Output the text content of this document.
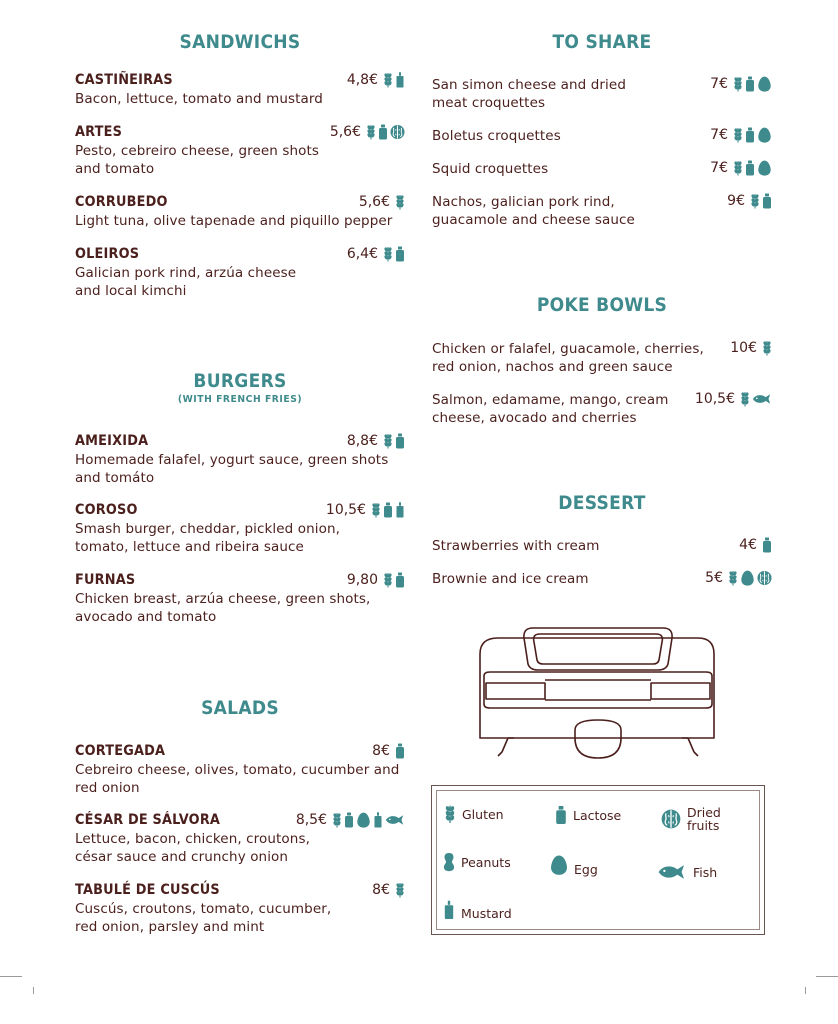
SANDWICHS
CASTIÑEIRAS	4,8€
Bacon, lettuce, tomato and mustard
ARTES	5,6€
Pesto, cebreiro cheese, green shots and tomato
CORRUBEDO	5,6€
Light tuna, olive tapenade and piquillo pepper
OLEIROS	6,4€
Galician pork rind, arzúa cheese and local kimchi
BURGERS
(WITH FRENCH FRIES)
AMEIXIDA	8,8€
Homemade falafel, yogurt sauce, green shots and tomáto
COROSO	10,5€
Smash burger, cheddar, pickled onion, tomato, lettuce and ribeira sauce
FURNAS	9,80
Chicken breast, arzúa cheese, green shots, avocado and tomato
SALADS
CORTEGADA	8€
Cebreiro cheese, olives, tomato, cucumber and red onion
CÉSAR DE SÁLVORA	8,5€
Lettuce, bacon, chicken, croutons, césar sauce and crunchy onion
TABULÉ DE CUSCÚS	8€
Cuscús, croutons, tomato, cucumber, red onion, parsley and mint
TO SHARE
San simon cheese and dried meat croquettes
7€
Boletus croquettes	7€
Squid croquettes	7€
Nachos, galician pork rind, guacamole and cheese sauce
9€
POKE BOWLS
Chicken or falafel, guacamole, cherries, red onion, nachos and green sauce
10€
Salmon, edamame, mango, cream cheese, avocado and cherries
10,5€
DESSERT
Strawberries with cream	4€
Brownie and ice cream	5€
Gluten	Lactose	Dried fruits
Peanuts	Egg	Fish
Mustard
